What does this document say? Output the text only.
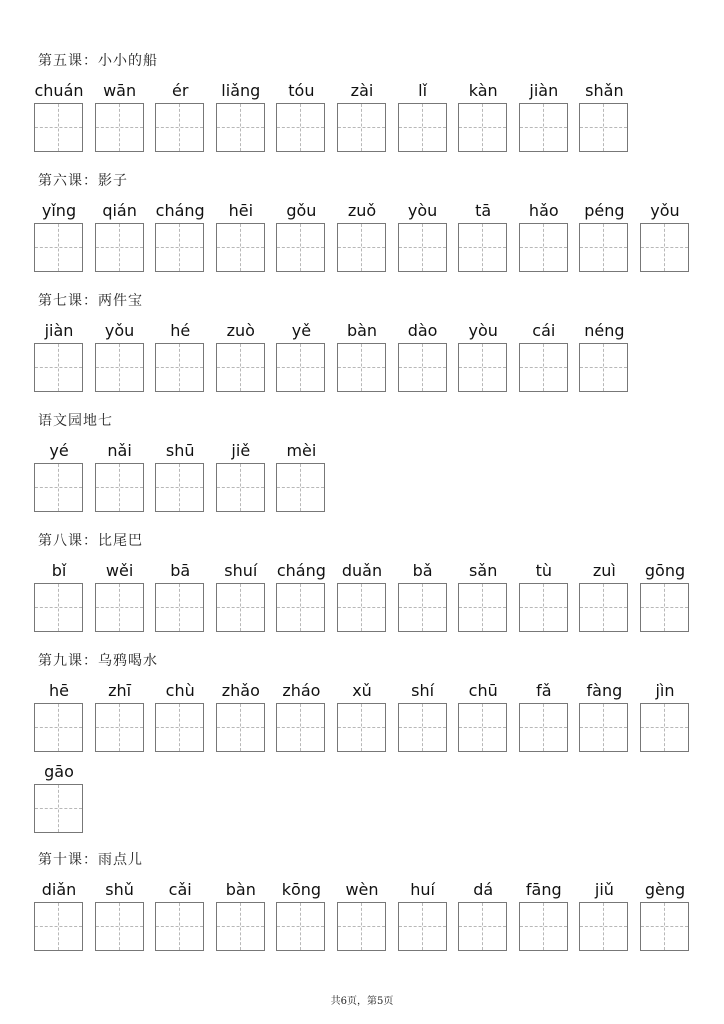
第五课：小小的船
chuán	wān	ér	liǎng	tóu	zài	lǐ	kàn	jiàn	shǎn
第六课：影子
yǐng	qián	cháng	hēi	gǒu	zuǒ	yòu	tā	hǎo	péng	yǒu
第七课：两件宝
jiàn	yǒu	hé	zuò	yě	bàn	dào	yòu	cái	néng
语文园地七
yé	nǎi	shū	jiě	mèi
第八课：比尾巴
bǐ	wěi	bā	shuí	cháng duǎn	bǎ	sǎn	tù	zuì	gōng
第九课：乌鸦喝水
hē	zhī	chù	zhǎo	zháo	xǔ	shí	chū	fǎ	fàng	jìn
gāo
第十课：雨点儿
diǎn	shǔ	cǎi	bàn	kōng	wèn	huí	dá	fāng	jiǔ	gèng
共6页，第5页
